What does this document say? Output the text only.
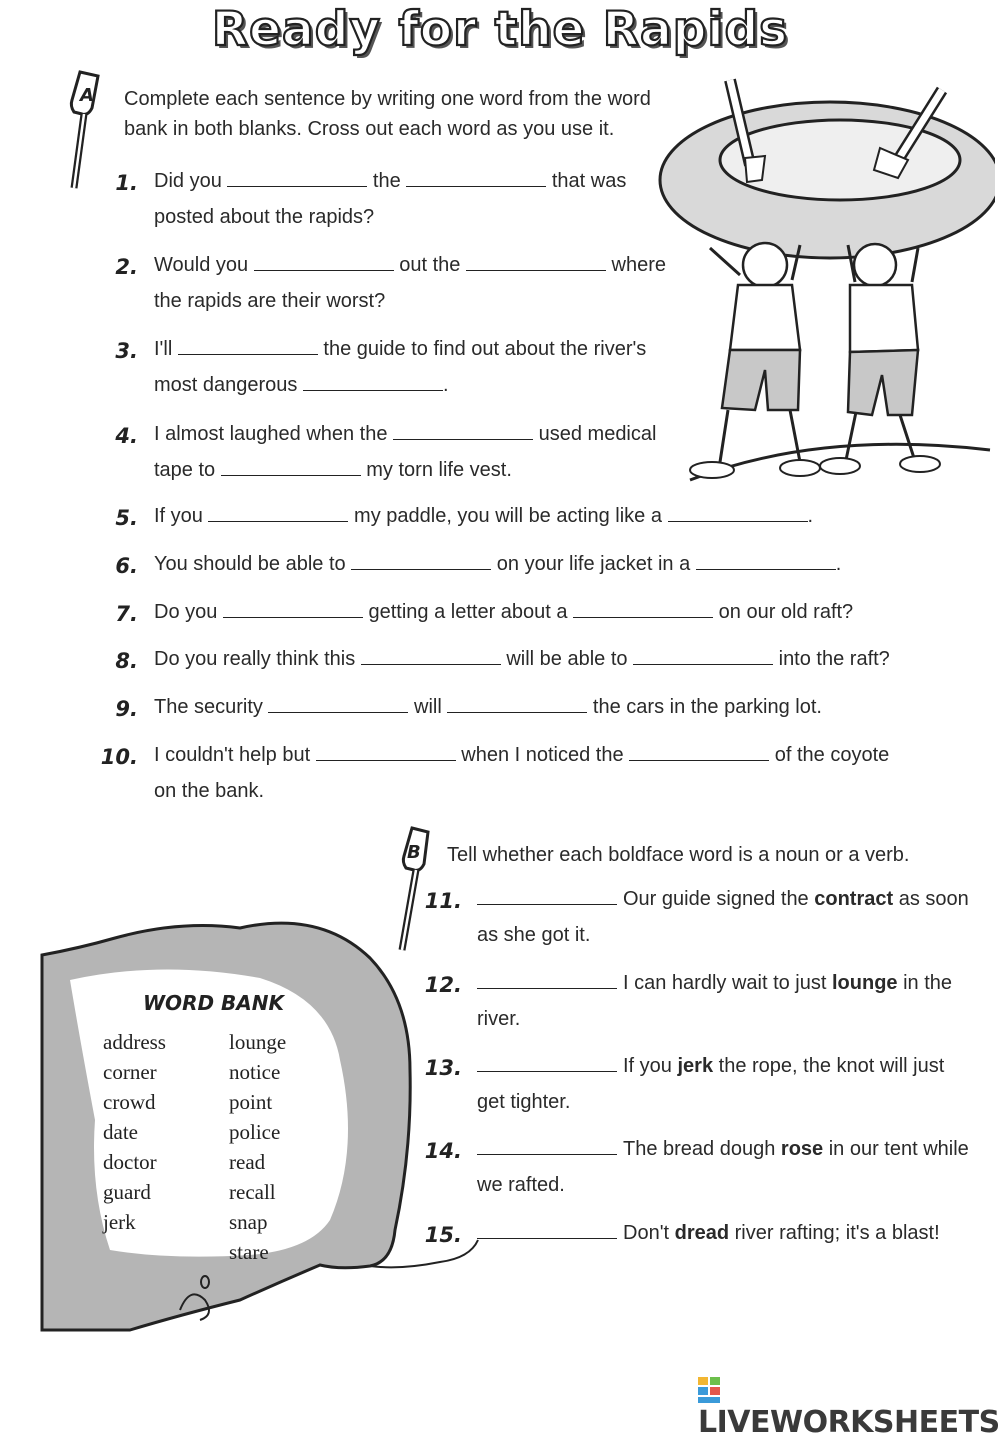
Ready for the Rapids
A Complete each sentence by writing one word from the word
bank in both blanks. Cross out each word as you use it.
1. Did you	the	that was
posted about the rapids?
2. Would you	out the	where
the rapids are their worst?
3. I'll	the guide to find out about the river's
most dangerous	.
4. I almost laughed when the	used medical
tape to	my torn life vest.
5. If you	my paddle, you will be acting like a	.
6. You should be able to	on your life jacket in a	.
7. Do you	getting a letter about a	on our old raft?
8. Do you really think this	will be able to	into the raft?
9. The security	will	the cars in the parking lot.
10. I couldn't help but	when I noticed the	of the coyote
on the bank.
B Tell whether each boldface word is a noun or a verb.
11.	Our guide signed the contract as soon
as she got it.
12.	I can hardly wait to just lounge in the
river.
13.	If you jerk the rope, the knot will just
get tighter.
14.	The bread dough rose in our tent while
we rafted.
15.	Don't dread river rafting; it's a blast!
WORD BANK
address
corner
crowd
date
doctor
guard
jerk
lounge
notice
point
police
read
recall
snap
stare
LIVEWORKSHEETS
